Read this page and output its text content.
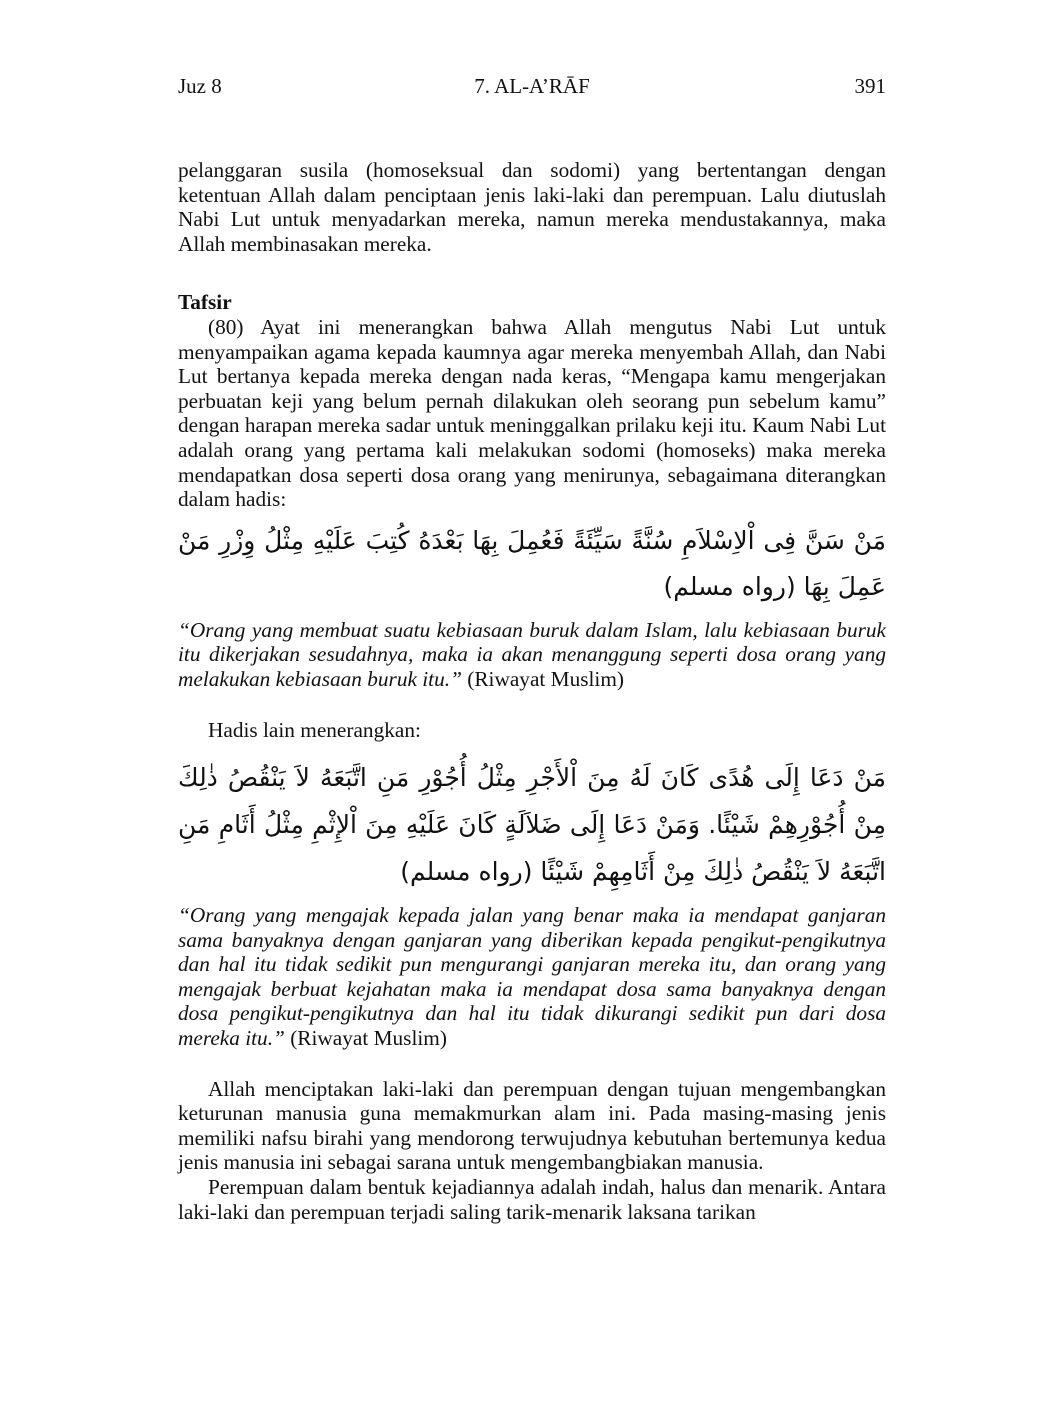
Juz 8	7. AL-A’RĀF	391

pelanggaran susila (homoseksual dan sodomi) yang bertentangan dengan ketentuan Allah dalam penciptaan jenis laki-laki dan perempuan. Lalu diutuslah Nabi Lut untuk menyadarkan mereka, namun mereka mendustakannya, maka Allah membinasakan mereka.

Tafsir

(80) Ayat ini menerangkan bahwa Allah mengutus Nabi Lut untuk menyampaikan agama kepada kaumnya agar mereka menyembah Allah, dan Nabi Lut bertanya kepada mereka dengan nada keras, “Mengapa kamu mengerjakan perbuatan keji yang belum pernah dilakukan oleh seorang pun sebelum kamu” dengan harapan mereka sadar untuk meninggalkan prilaku keji itu. Kaum Nabi Lut adalah orang yang pertama kali melakukan sodomi (homoseks) maka mereka mendapatkan dosa seperti dosa orang yang menirunya, sebagaimana diterangkan dalam hadis:

مَنْ سَنَّ فِى اْلاِسْلاَمِ سُنَّةً سَيِّئَةً فَعُمِلَ بِهَا بَعْدَهُ كُتِبَ عَلَيْهِ مِثْلُ وِزْرِ مَنْ عَمِلَ بِهَا (رواه مسلم)

“Orang yang membuat suatu kebiasaan buruk dalam Islam, lalu kebiasaan buruk itu dikerjakan sesudahnya, maka ia akan menanggung seperti dosa orang yang melakukan kebiasaan buruk itu.” (Riwayat Muslim)

Hadis lain menerangkan:

مَنْ دَعَا إِلَى هُدًى كَانَ لَهُ مِنَ اْلأَجْرِ مِثْلُ أُجُوْرِ مَنِ اتَّبَعَهُ لاَ يَنْقُصُ ذٰلِكَ مِنْ أُجُوْرِهِمْ شَيْئًا. وَمَنْ دَعَا إِلَى ضَلاَلَةٍ كَانَ عَلَيْهِ مِنَ اْلإِثْمِ مِثْلُ أَثَامِ مَنِ اتَّبَعَهُ لاَ يَنْقُصُ ذٰلِكَ مِنْ أَثَامِهِمْ شَيْئًا (رواه مسلم)

“Orang yang mengajak kepada jalan yang benar maka ia mendapat ganjaran sama banyaknya dengan ganjaran yang diberikan kepada pengikut-pengikutnya dan hal itu tidak sedikit pun mengurangi ganjaran mereka itu, dan orang yang mengajak berbuat kejahatan maka ia mendapat dosa sama banyaknya dengan dosa pengikut-pengikutnya dan hal itu tidak dikurangi sedikit pun dari dosa mereka itu.” (Riwayat Muslim)

Allah menciptakan laki-laki dan perempuan dengan tujuan mengembangkan keturunan manusia guna memakmurkan alam ini. Pada masing-masing jenis memiliki nafsu birahi yang mendorong terwujudnya kebutuhan bertemunya kedua jenis manusia ini sebagai sarana untuk mengembangbiakan manusia.

Perempuan dalam bentuk kejadiannya adalah indah, halus dan menarik. Antara laki-laki dan perempuan terjadi saling tarik-menarik laksana tarikan
